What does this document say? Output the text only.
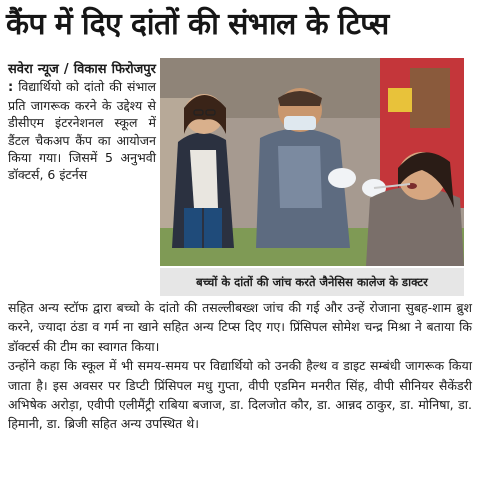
कैंप में दिए दांतों की संभाल के टिप्स
बच्चों के दांतों की जांच करते जैनेसिस कालेज के डाक्टर

सवेरा न्यूज / विकास फिरोजपुर : विद्यार्थियो को दांतो की संभाल प्रति जागरूक करने के उद्देश्य से डीसीएम इंटरनेशनल स्कूल में डैंटल चैकअप कैंप का आयोजन किया गया। जिसमें 5 अनुभवी डॉक्टर्स, 6 इंटर्नस

सहित अन्य स्टॉफ द्वारा बच्चो के दांतो की तसल्लीबख्श जांच की गई और उन्हें रोजाना सुबह-शाम ब्रुश करने, ज्यादा ठंडा व गर्म ना खाने सहित अन्य टिप्स दिए गए। प्रिंसिपल सोमेश चन्द्र मिश्रा ने बताया कि डॉक्टर्स की टीम का स्वागत किया।

उन्होंने कहा कि स्कूल में भी समय-समय पर विद्यार्थियो को उनकी हैल्थ व डाइट सम्बंधी जागरूक किया जाता है। इस अवसर पर डिप्टी प्रिंसिपल मधु गुप्ता, वीपी एडमिन मनरीत सिंह, वीपी सीनियर सैकेंडरी अभिषेक अरोड़ा, एवीपी एलीमैंट्री राबिया बजाज, डा. दिलजोत कौर, डा. आन्नद ठाकुर, डा. मोनिषा, डा. हिमानी, डा. ब्रिजी सहित अन्य उपस्थित थे।
